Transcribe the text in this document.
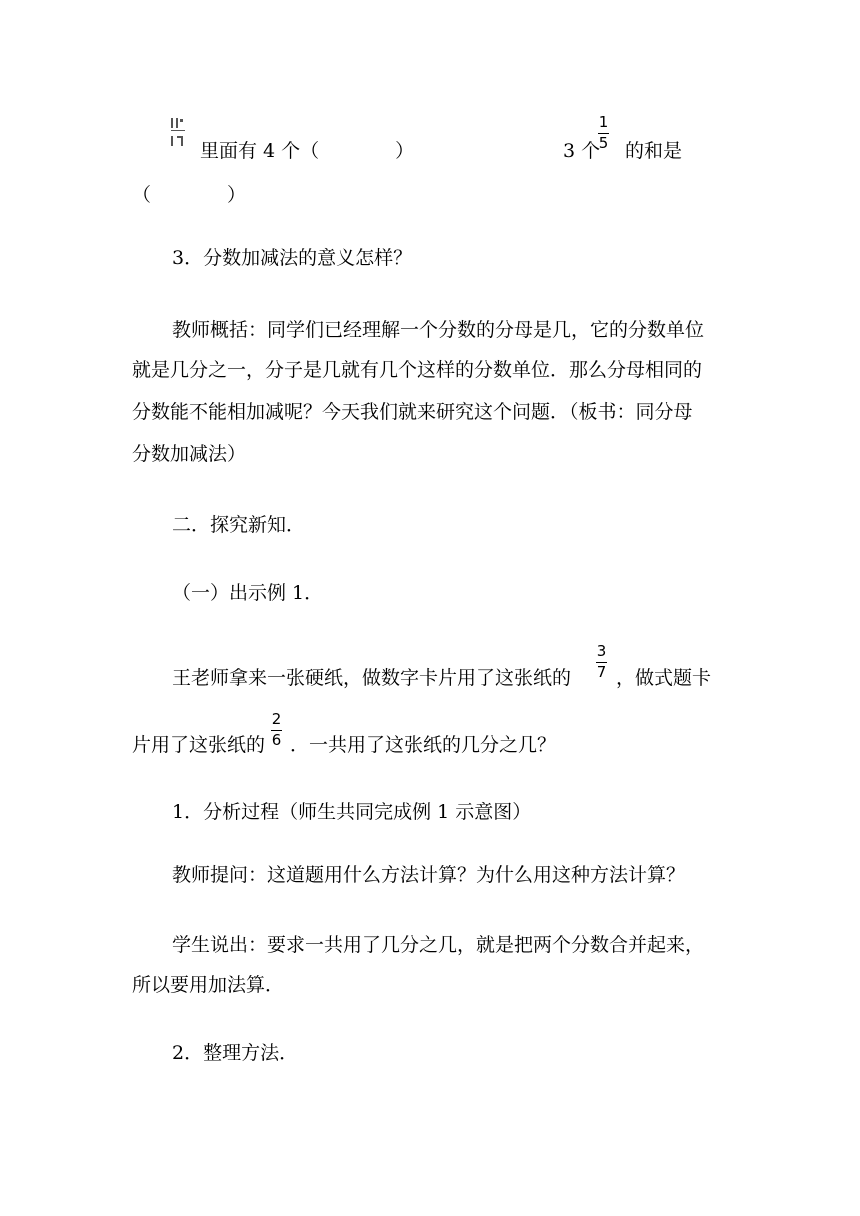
里面有 4 个（　　　　）	3 个
1
5 的和是
（　　　　）
3．分数加减法的意义怎样？
教师概括：同学们已经理解一个分数的分母是几，它的分数单位
就是几分之一，分子是几就有几个这样的分数单位．那么分母相同的
分数能不能相加减呢？今天我们就来研究这个问题．（板书：同分母
分数加减法）
二．探究新知．
（一）出示例 1．
王老师拿来一张硬纸，做数字卡片用了这张纸的
3
7 ，做式题卡
片用了这张纸的
2
6 ．一共用了这张纸的几分之几？
1．分析过程（师生共同完成例 1 示意图）
教师提问：这道题用什么方法计算？为什么用这种方法计算？
学生说出：要求一共用了几分之几，就是把两个分数合并起来，
所以要用加法算．
2．整理方法．
